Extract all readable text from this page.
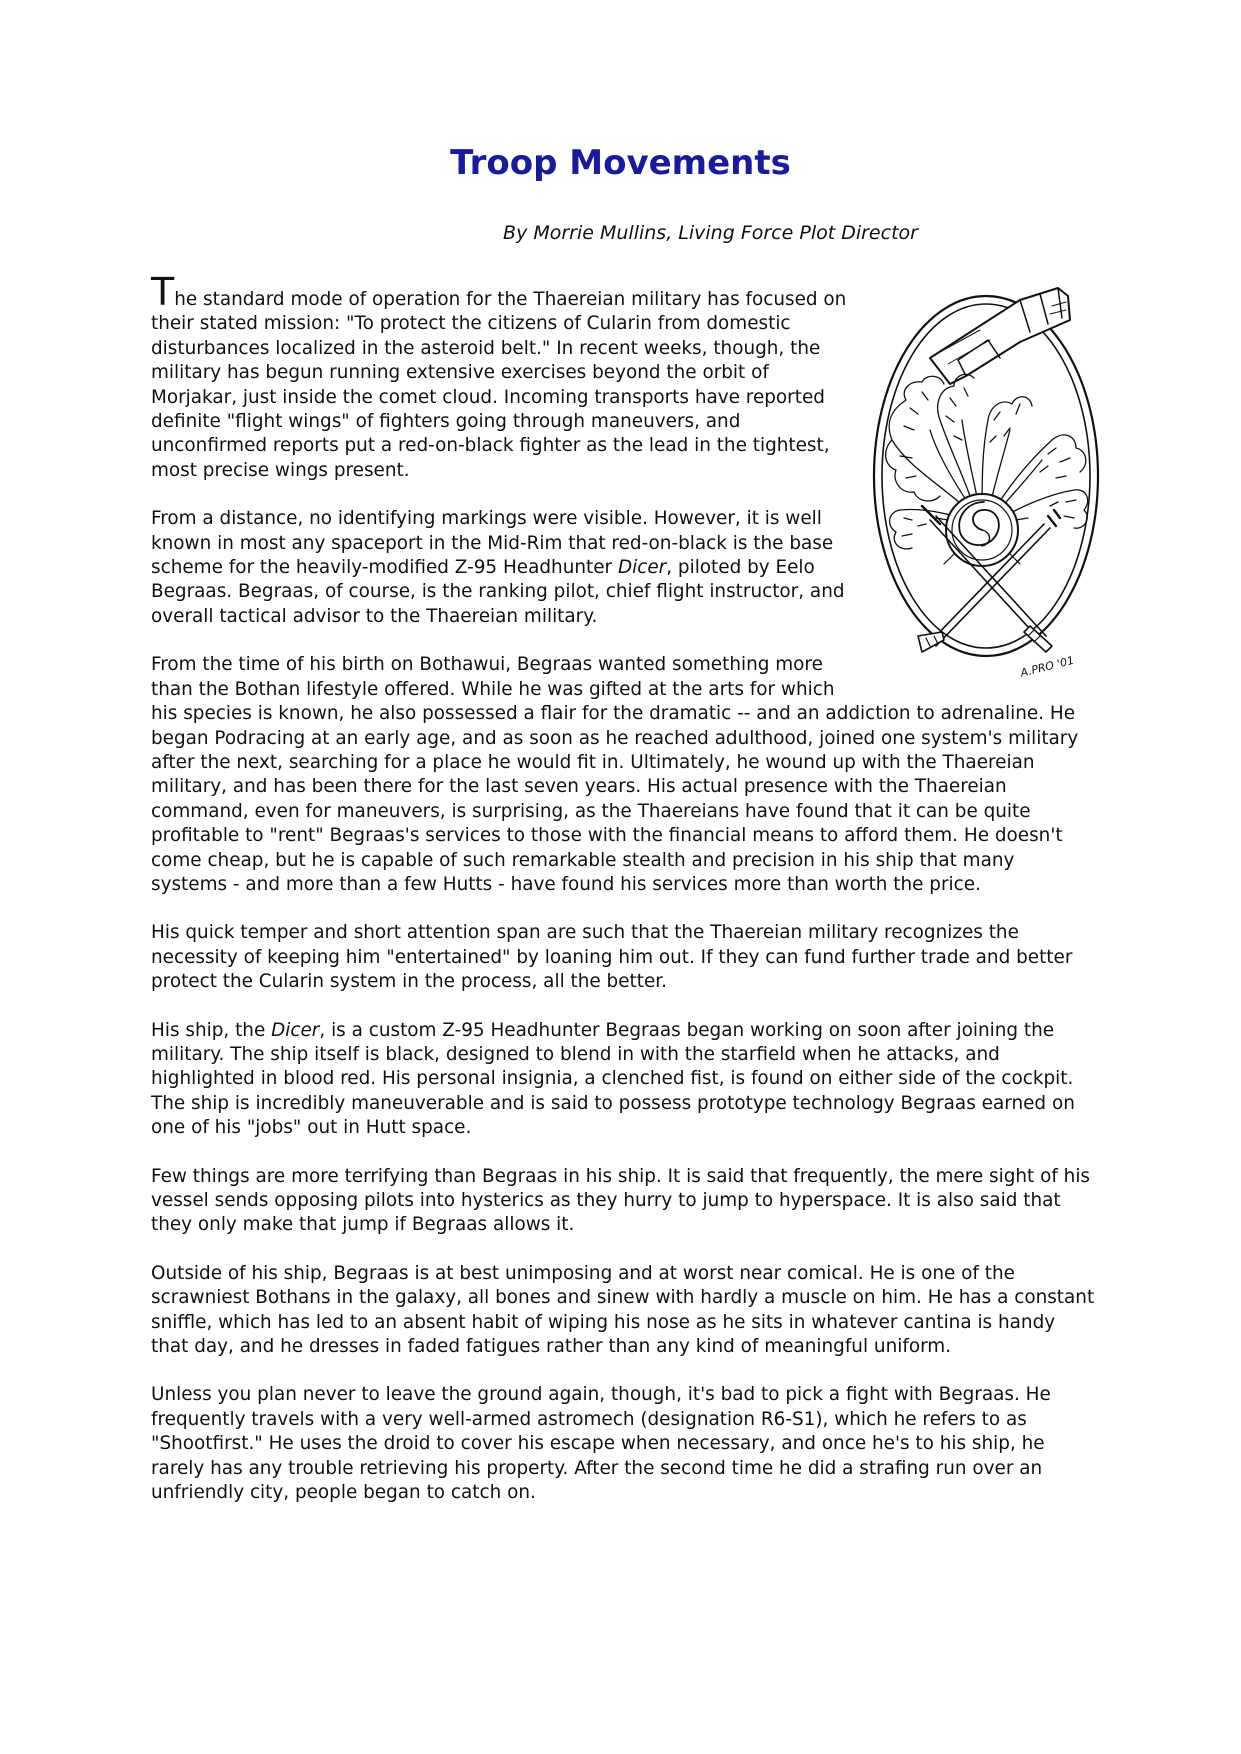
Troop Movements
By Morrie Mullins, Living Force Plot Director
A.PRO '01

The standard mode of operation for the Thaereian military has focused on their stated mission: "To protect the citizens of Cularin from domestic disturbances localized in the asteroid belt." In recent weeks, though, the military has begun running extensive exercises beyond the orbit of Morjakar, just inside the comet cloud. Incoming transports have reported definite "flight wings" of fighters going through maneuvers, and unconfirmed reports put a red-on-black fighter as the lead in the tightest, most precise wings present.

From a distance, no identifying markings were visible. However, it is well known in most any spaceport in the Mid-Rim that red-on-black is the base scheme for the heavily-modified Z-95 Headhunter Dicer, piloted by Eelo Begraas. Begraas, of course, is the ranking pilot, chief flight instructor, and overall tactical advisor to the Thaereian military.

From the time of his birth on Bothawui, Begraas wanted something more than the Bothan lifestyle offered. While he was gifted at the arts for which his species is known, he also possessed a flair for the dramatic -- and an addiction to adrenaline. He began Podracing at an early age, and as soon as he reached adulthood, joined one system's military after the next, searching for a place he would fit in. Ultimately, he wound up with the Thaereian military, and has been there for the last seven years. His actual presence with the Thaereian command, even for maneuvers, is surprising, as the Thaereians have found that it can be quite profitable to "rent" Begraas's services to those with the financial means to afford them. He doesn't come cheap, but he is capable of such remarkable stealth and precision in his ship that many systems - and more than a few Hutts - have found his services more than worth the price.

His quick temper and short attention span are such that the Thaereian military recognizes the necessity of keeping him "entertained" by loaning him out. If they can fund further trade and better protect the Cularin system in the process, all the better.

His ship, the Dicer, is a custom Z-95 Headhunter Begraas began working on soon after joining the military. The ship itself is black, designed to blend in with the starfield when he attacks, and highlighted in blood red. His personal insignia, a clenched fist, is found on either side of the cockpit. The ship is incredibly maneuverable and is said to possess prototype technology Begraas earned on one of his "jobs" out in Hutt space.

Few things are more terrifying than Begraas in his ship. It is said that frequently, the mere sight of his vessel sends opposing pilots into hysterics as they hurry to jump to hyperspace. It is also said that they only make that jump if Begraas allows it.

Outside of his ship, Begraas is at best unimposing and at worst near comical. He is one of the scrawniest Bothans in the galaxy, all bones and sinew with hardly a muscle on him. He has a constant sniffle, which has led to an absent habit of wiping his nose as he sits in whatever cantina is handy that day, and he dresses in faded fatigues rather than any kind of meaningful uniform.

Unless you plan never to leave the ground again, though, it's bad to pick a fight with Begraas. He frequently travels with a very well-armed astromech (designation R6-S1), which he refers to as "Shootfirst." He uses the droid to cover his escape when necessary, and once he's to his ship, he rarely has any trouble retrieving his property. After the second time he did a strafing run over an unfriendly city, people began to catch on.
